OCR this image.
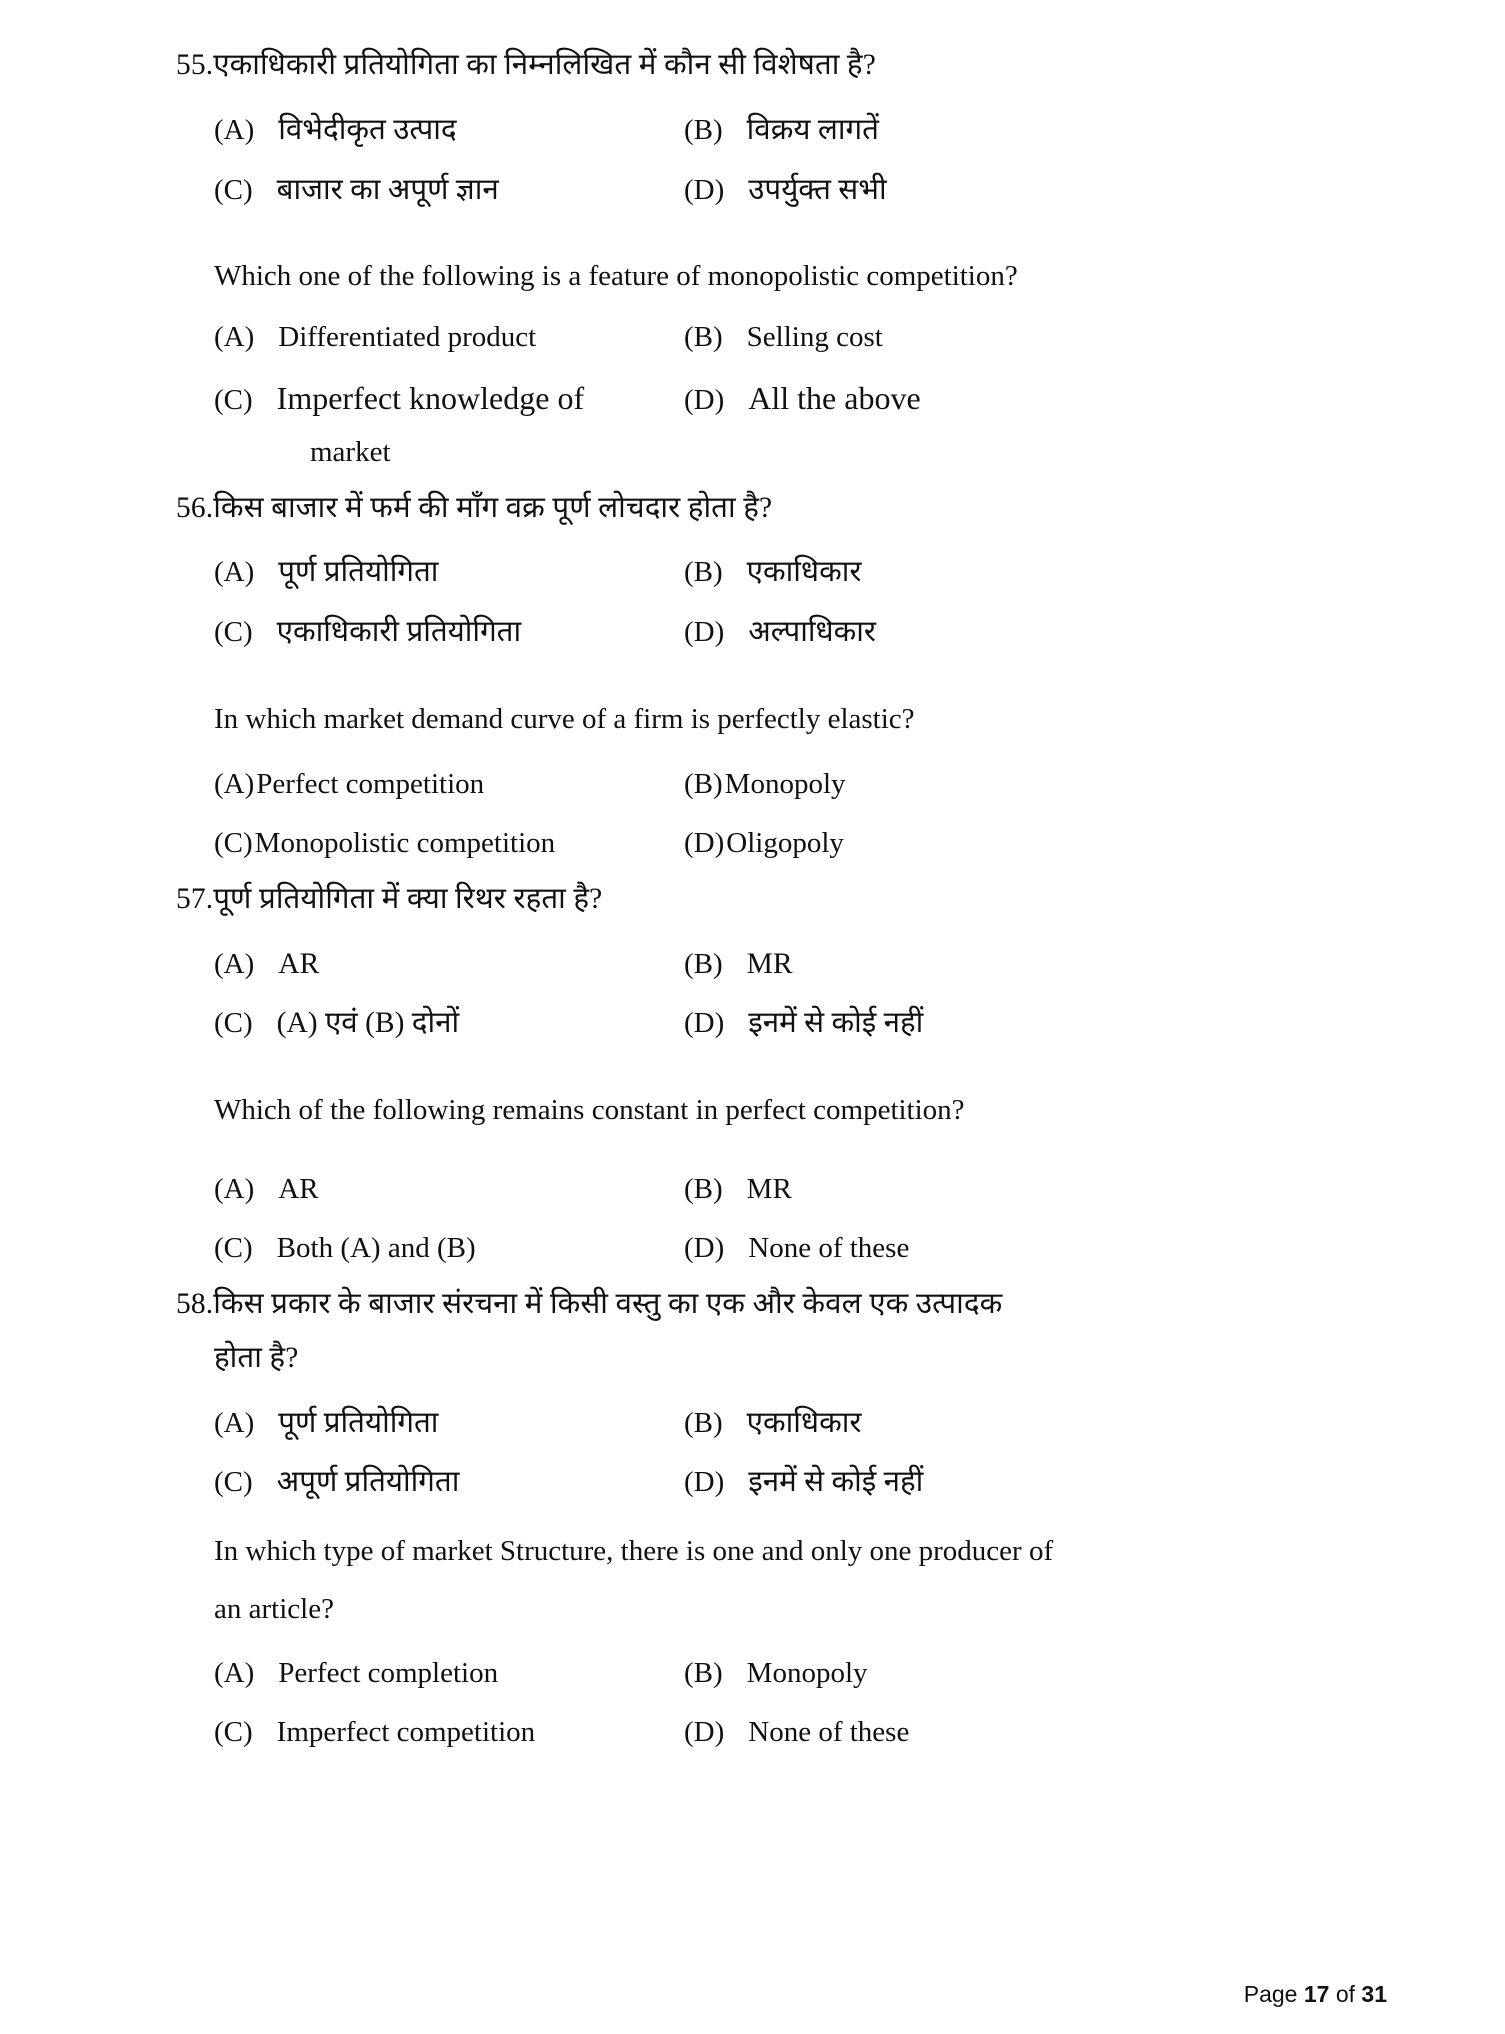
55.एकाधिकारी प्रतियोगिता का निम्नलिखित में कौन सी विशेषता है?
(A) विभेदीकृत उत्पाद	(B) विक्रय लागतें
(C) बाजार का अपूर्ण ज्ञान	(D) उपर्युक्त सभी
Which one of the following is a feature of monopolistic competition?
(A) Differentiated product	(B) Selling cost
(C) Imperfect knowledge of	(D) All the above
market
56.किस बाजार में फर्म की माँग वक्र पूर्ण लोचदार होता है?
(A) पूर्ण प्रतियोगिता	(B) एकाधिकार
(C) एकाधिकारी प्रतियोगिता	(D) अल्पाधिकार
In which market demand curve of a firm is perfectly elastic?
(A) Perfect competition	(B) Monopoly
(C) Monopolistic competition	(D) Oligopoly
57.पूर्ण प्रतियोगिता में क्या रिथर रहता है?
(A) AR	(B) MR
(C) (A) एवं (B) दोनों	(D) इनमें से कोई नहीं
Which of the following remains constant in perfect competition?
(A) AR	(B) MR
(C) Both (A) and (B)	(D) None of these
58.किस प्रकार के बाजार संरचना में किसी वस्तु का एक और केवल एक उत्पादक
होता है?
(A) पूर्ण प्रतियोगिता	(B) एकाधिकार
(C) अपूर्ण प्रतियोगिता	(D) इनमें से कोई नहीं
In which type of market Structure, there is one and only one producer of
an article?
(A) Perfect completion	(B) Monopoly
(C) Imperfect competition	(D) None of these
Page 17 of 31
